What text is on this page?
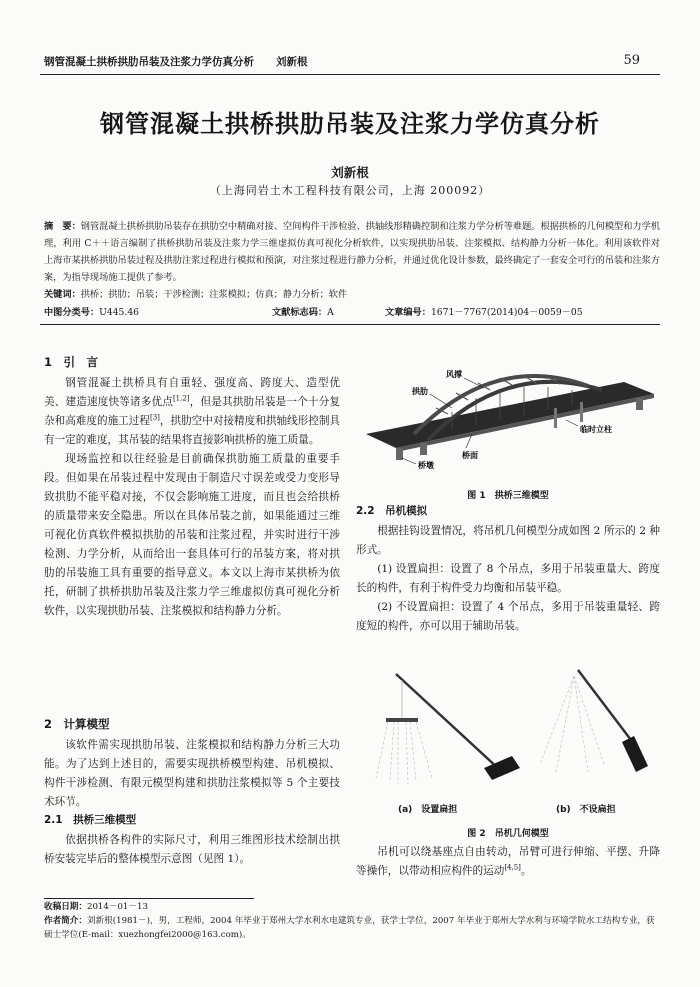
钢管混凝土拱桥拱肋吊装及注浆力学仿真分析 刘新根	59
钢管混凝土拱桥拱肋吊装及注浆力学仿真分析
刘新根
（上海同岩土木工程科技有限公司，上海 200092）
摘　要：钢管混凝土拱桥拱肋吊装存在拱肋空中精确对接、空间构件干涉检验、拱轴线形精确控制和注浆力学分析等难题。根据拱桥的几何模型和力学机理，利用 C＋＋语言编制了拱桥拱肋吊装及注浆力学三维虚拟仿真可视化分析软件，以实现拱肋吊装、注浆模拟、结构静力分析一体化。利用该软件对上海市某拱桥拱肋吊装过程及拱肋注浆过程进行模拟和预演，对注浆过程进行静力分析，并通过优化设计参数，最终确定了一套安全可行的吊装和注浆方案，为指导现场施工提供了参考。
关键词：拱桥；拱肋；吊装；干涉检测；注浆模拟；仿真；静力分析；软件
中图分类号：U445.46	文献标志码：A	文章编号：1671－7767(2014)04－0059－05
1　引　言

钢管混凝土拱桥具有自重轻、强度高、跨度大、造型优美、建造速度快等诸多优点[1,2]，但是其拱肋吊装是一个十分复杂和高难度的施工过程[3]，拱肋空中对接精度和拱轴线形控制具有一定的难度，其吊装的结果将直接影响拱桥的施工质量。

现场监控和以往经验是目前确保拱肋施工质量的重要手段。但如果在吊装过程中发现由于制造尺寸误差或受力变形导致拱肋不能平稳对接，不仅会影响施工进度，而且也会给拱桥的质量带来安全隐患。所以在具体吊装之前，如果能通过三维可视化仿真软件模拟拱肋的吊装和注浆过程，并实时进行干涉检测、力学分析，从而给出一套具体可行的吊装方案，将对拱肋的吊装施工具有重要的指导意义。本文以上海市某拱桥为依托，研制了拱桥拱肋吊装及注浆力学三维虚拟仿真可视化分析软件，以实现拱肋吊装、注浆模拟和结构静力分析。

2　计算模型

该软件需实现拱肋吊装、注浆模拟和结构静力分析三大功能。为了达到上述目的，需要实现拱桥模型构建、吊机模拟、构件干涉检测、有限元模型构建和拱肋注浆模拟等 5 个主要技术环节。

2.1　拱桥三维模型

依据拱桥各构件的实际尺寸，利用三维图形技术绘制出拱桥安装完毕后的整体模型示意图（见图 1）。

风撑
拱肋
临时立柱
桥面
桥墩
图 1　拱桥三维模型
2.2　吊机模拟

根据挂钩设置情况，将吊机几何模型分成如图 2 所示的 2 种形式。

(1) 设置扁担：设置了 8 个吊点，多用于吊装重量大、跨度长的构件，有利于构件受力均衡和吊装平稳。

(2) 不设置扁担：设置了 4 个吊点，多用于吊装重量轻、跨度短的构件，亦可以用于辅助吊装。

(a)　设置扁担	(b)　不设扁担
图 2　吊机几何模型

吊机可以绕基座点自由转动，吊臂可进行伸缩、平摆、升降等操作，以带动相应构件的运动[4,5]。

收稿日期：2014－01－13
作者简介：刘新根(1981－)，男，工程师，2004 年毕业于郑州大学水利水电建筑专业，获学士学位，2007 年毕业于郑州大学水利与环境学院水工结构专业，获硕士学位(E-mail：xuezhongfei2000@163.com)。
